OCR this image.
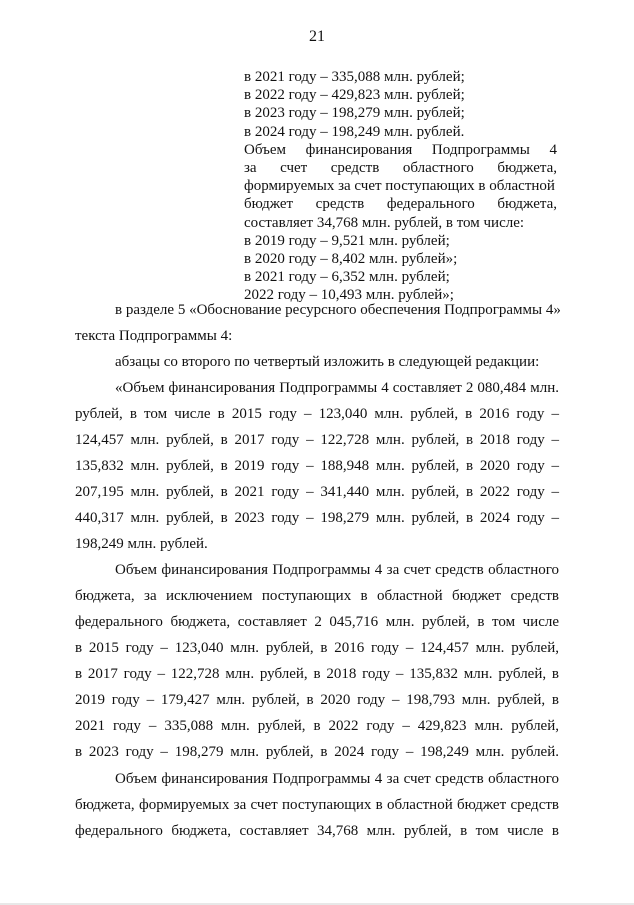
21
в 2021 году – 335,088 млн. рублей;
в 2022 году – 429,823 млн. рублей;
в 2023 году – 198,279 млн. рублей;
в 2024 году – 198,249 млн. рублей.
Объем финансирования Подпрограммы 4
за счет средств областного бюджета,
формируемых за счет поступающих в областной
бюджет средств федерального бюджета,
составляет 34,768 млн. рублей, в том числе:
в 2019 году – 9,521 млн. рублей;
в 2020 году – 8,402 млн. рублей»;
в 2021 году – 6,352 млн. рублей;
2022 году – 10,493 млн. рублей»;
в разделе 5 «Обоснование ресурсного обеспечения Подпрограммы 4»
текста Подпрограммы 4:
абзацы со второго по четвертый изложить в следующей редакции:
«Объем финансирования Подпрограммы 4 составляет 2 080,484 млн.
рублей, в том числе в 2015 году – 123,040 млн. рублей, в 2016 году –
124,457 млн. рублей, в 2017 году – 122,728 млн. рублей, в 2018 году –
135,832 млн. рублей, в 2019 году – 188,948 млн. рублей, в 2020 году –
207,195 млн. рублей, в 2021 году – 341,440 млн. рублей, в 2022 году –
440,317 млн. рублей, в 2023 году – 198,279 млн. рублей, в 2024 году –
198,249 млн. рублей.
Объем финансирования Подпрограммы 4 за счет средств областного
бюджета, за исключением поступающих в областной бюджет средств
федерального бюджета, составляет 2 045,716 млн. рублей, в том числе
в 2015 году – 123,040 млн. рублей, в 2016 году – 124,457 млн. рублей,
в 2017 году – 122,728 млн. рублей, в 2018 году – 135,832 млн. рублей, в
2019 году – 179,427 млн. рублей, в 2020 году – 198,793 млн. рублей, в
2021 году – 335,088 млн. рублей, в 2022 году – 429,823 млн. рублей,
в 2023 году – 198,279 млн. рублей, в 2024 году – 198,249 млн. рублей.
Объем финансирования Подпрограммы 4 за счет средств областного
бюджета, формируемых за счет поступающих в областной бюджет средств
федерального бюджета, составляет 34,768 млн. рублей, в том числе в
